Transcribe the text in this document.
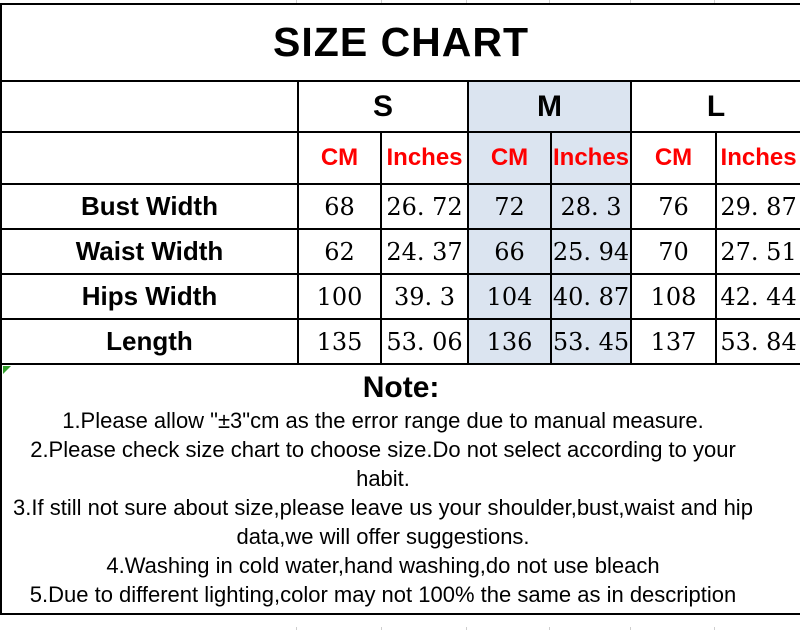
SIZE CHART						
	S		M		L	
	CM	Inches	CM	Inches	CM	Inches
Bust Width	68	26. 72	72	28. 3	76	29. 87
Waist Width	62	24. 37	66	25. 94	70	27. 51
Hips Width	100	39. 3	104	40. 87	108	42. 44
Length	135	53. 06	136	53. 45	137	53. 84

Note:
1.Please allow "±3"cm as the error range due to manual measure.
2.Please check size chart to choose size.Do not select according to your habit.
3.If still not sure about size,please leave us your shoulder,bust,waist and hip data,we will offer suggestions.
4.Washing in cold water,hand washing,do not use bleach
5.Due to different lighting,color may not 100% the same as in description
